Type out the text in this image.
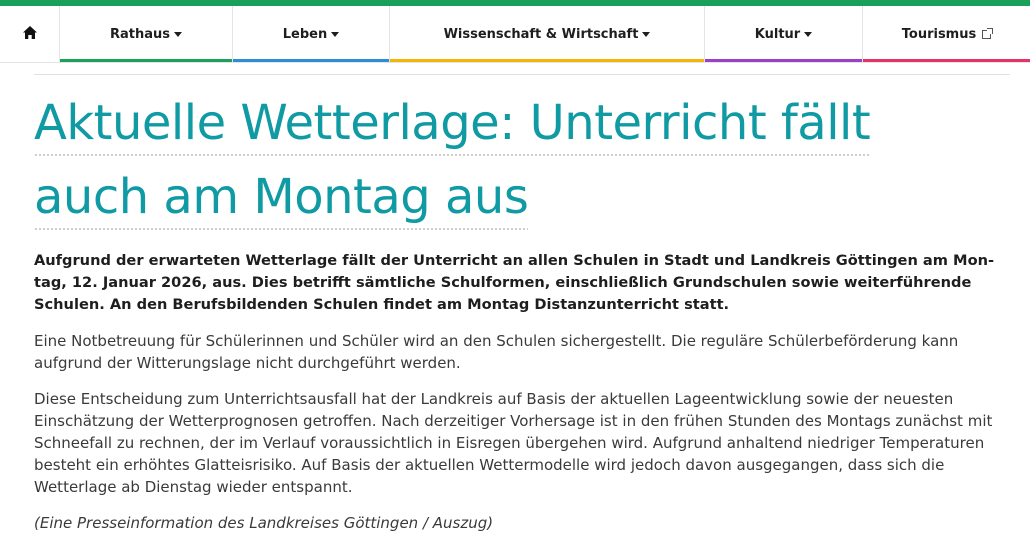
Rathaus	Leben	Wissenschaft & Wirtschaft	Kultur	Tourismus
Aktuelle Wetterlage: Unterricht fällt auch am Montag aus

Aufgrund der erwarteten Wetterlage fällt der Unterricht an allen Schulen in Stadt und Landkreis Göttingen am Montag, 12. Januar 2026, aus. Dies betrifft sämtliche Schulformen, einschließlich Grundschulen sowie weiterführende Schulen. An den Berufsbildenden Schulen findet am Montag Distanzunterricht statt.

Eine Notbetreuung für Schülerinnen und Schüler wird an den Schulen sichergestellt. Die reguläre Schülerbeförderung kann aufgrund der Witterungslage nicht durchgeführt werden.

Diese Entscheidung zum Unterrichtsausfall hat der Landkreis auf Basis der aktuellen Lageentwicklung sowie der neuesten Einschätzung der Wetterprognosen getroffen. Nach derzeitiger Vorhersage ist in den frühen Stunden des Montags zunächst mit Schneefall zu rechnen, der im Verlauf voraussichtlich in Eisregen übergehen wird. Aufgrund anhaltend niedriger Temperaturen besteht ein erhöhtes Glatteisrisiko. Auf Basis der aktuellen Wettermodelle wird jedoch davon ausgegangen, dass sich die Wetterlage ab Dienstag wieder entspannt.

(Eine Presseinformation des Landkreises Göttingen / Auszug)
